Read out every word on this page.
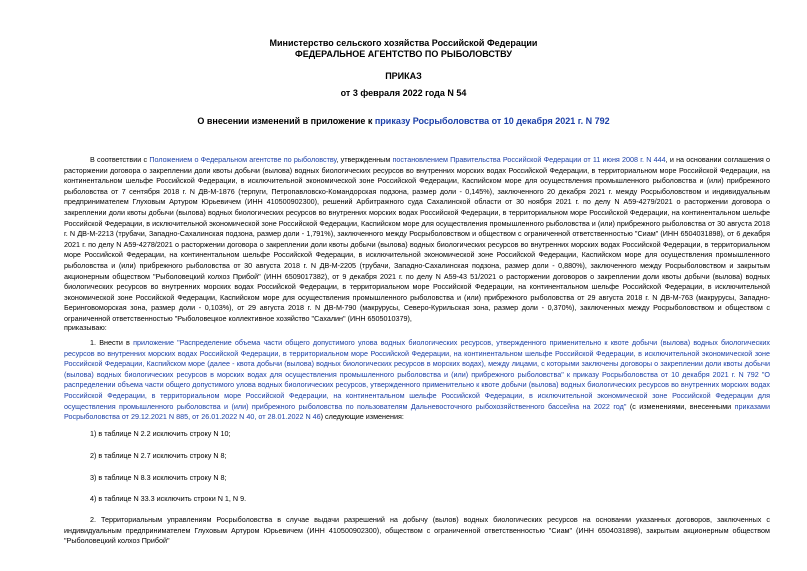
Министерство сельского хозяйства Российской Федерации

ФЕДЕРАЛЬНОЕ АГЕНТСТВО ПО РЫБОЛОВСТВУ

ПРИКАЗ

от 3 февраля 2022 года N 54

О внесении изменений в приложение к приказу Росрыболовства от 10 декабря 2021 г. N 792

В соответствии с Положением о Федеральном агентстве по рыболовству, утвержденным постановлением Правительства Российской Федерации от 11 июня 2008 г. N 444, и на основании соглашения о расторжении договора о закреплении доли квоты добычи (вылова) водных биологических ресурсов во внутренних морских водах Российской Федерации, в территориальном море Российской Федерации, на континентальном шельфе Российской Федерации, в исключительной экономической зоне Российской Федерации, Каспийском море для осуществления промышленного рыболовства и (или) прибрежного рыболовства от 7 сентября 2018 г. N ДВ-М-1876 (терпуги, Петропавловско-Командорская подзона, размер доли - 0,145%), заключенного 20 декабря 2021 г. между Росрыболовством и индивидуальным предпринимателем Глуховым Артуром Юрьевичем (ИНН 410500902300), решений Арбитражного суда Сахалинской области от 30 ноября 2021 г. по делу N А59-4279/2021 о расторжении договора о закреплении доли квоты добычи (вылова) водных биологических ресурсов во внутренних морских водах Российской Федерации, в территориальном море Российской Федерации, на континентальном шельфе Российской Федерации, в исключительной экономической зоне Российской Федерации, Каспийском море для осуществления промышленного рыболовства и (или) прибрежного рыболовства от 30 августа 2018 г. N ДВ-М-2213 (трубачи, Западно-Сахалинская подзона, размер доли - 1,791%), заключенного между Росрыболовством и обществом с ограниченной ответственностью "Сиам" (ИНН 6504031898), от 6 декабря 2021 г. по делу N А59-4278/2021 о расторжении договора о закреплении доли квоты добычи (вылова) водных биологических ресурсов во внутренних морских водах Российской Федерации, в территориальном море Российской Федерации, на континентальном шельфе Российской Федерации, в исключительной экономической зоне Российской Федерации, Каспийском море для осуществления промышленного рыболовства и (или) прибрежного рыболовства от 30 августа 2018 г. N ДВ-М-2205 (трубачи, Западно-Сахалинская подзона, размер доли - 0,880%), заключенного между Росрыболовством и закрытым акционерным обществом "Рыболовецкий колхоз Прибой" (ИНН 6509017382), от 9 декабря 2021 г. по делу N А59-43 51/2021 о расторжении договоров о закреплении доли квоты добычи (вылова) водных биологических ресурсов во внутренних морских водах Российской Федерации, в территориальном море Российской Федерации, на континентальном шельфе Российской Федерации, в исключительной экономической зоне Российской Федерации, Каспийском море для осуществления промышленного рыболовства и (или) прибрежного рыболовства от 29 августа 2018 г. N ДВ-М-763 (макрурусы, Западно-Беринговоморская зона, размер доли - 0,103%), от 29 августа 2018 г. N ДВ-М-790 (макрурусы, Северо-Курильская зона, размер доли - 0,370%), заключенных между Росрыболовством и обществом с ограниченной ответственностью "Рыболовецкое коллективное хозяйство "Сахалин" (ИНН 6505010379),

приказываю:

1. Внести в приложение "Распределение объема части общего допустимого улова водных биологических ресурсов, утвержденного применительно к квоте добычи (вылова) водных биологических ресурсов во внутренних морских водах Российской Федерации, в территориальном море Российской Федерации, на континентальном шельфе Российской Федерации, в исключительной экономической зоне Российской Федерации, Каспийском море (далее - квота добычи (вылова) водных биологических ресурсов в морских водах), между лицами, с которыми заключены договоры о закреплении доли квоты добычи (вылова) водных биологических ресурсов в морских водах для осуществления промышленного рыболовства и (или) прибрежного рыболовства" к приказу Росрыболовства от 10 декабря 2021 г. N 792 "О распределении объема части общего допустимого улова водных биологических ресурсов, утвержденного применительно к квоте добычи (вылова) водных биологических ресурсов во внутренних морских водах Российской Федерации, в территориальном море Российской Федерации, на континентальном шельфе Российской Федерации, в исключительной экономической зоне Российской Федерации для осуществления промышленного рыболовства и (или) прибрежного рыболовства по пользователям Дальневосточного рыбохозяйственного бассейна на 2022 год" (с изменениями, внесенными приказами Росрыболовства от 29.12.2021 N 885, от 26.01.2022 N 40, от 28.01.2022 N 46) следующие изменения:

1) в таблице N 2.2 исключить строку N 10;

2) в таблице N 2.7 исключить строку N 8;

3) в таблице N 8.3 исключить строку N 8;

4) в таблице N 33.3 исключить строки N 1, N 9.

2. Территориальным управлениям Росрыболовства в случае выдачи разрешений на добычу (вылов) водных биологических ресурсов на основании указанных договоров, заключенных с индивидуальным предпринимателем Глуховым Артуром Юрьевичем (ИНН 410500902300), обществом с ограниченной ответственностью "Сиам" (ИНН 6504031898), закрытым акционерным обществом "Рыболовецкий колхоз Прибой"
